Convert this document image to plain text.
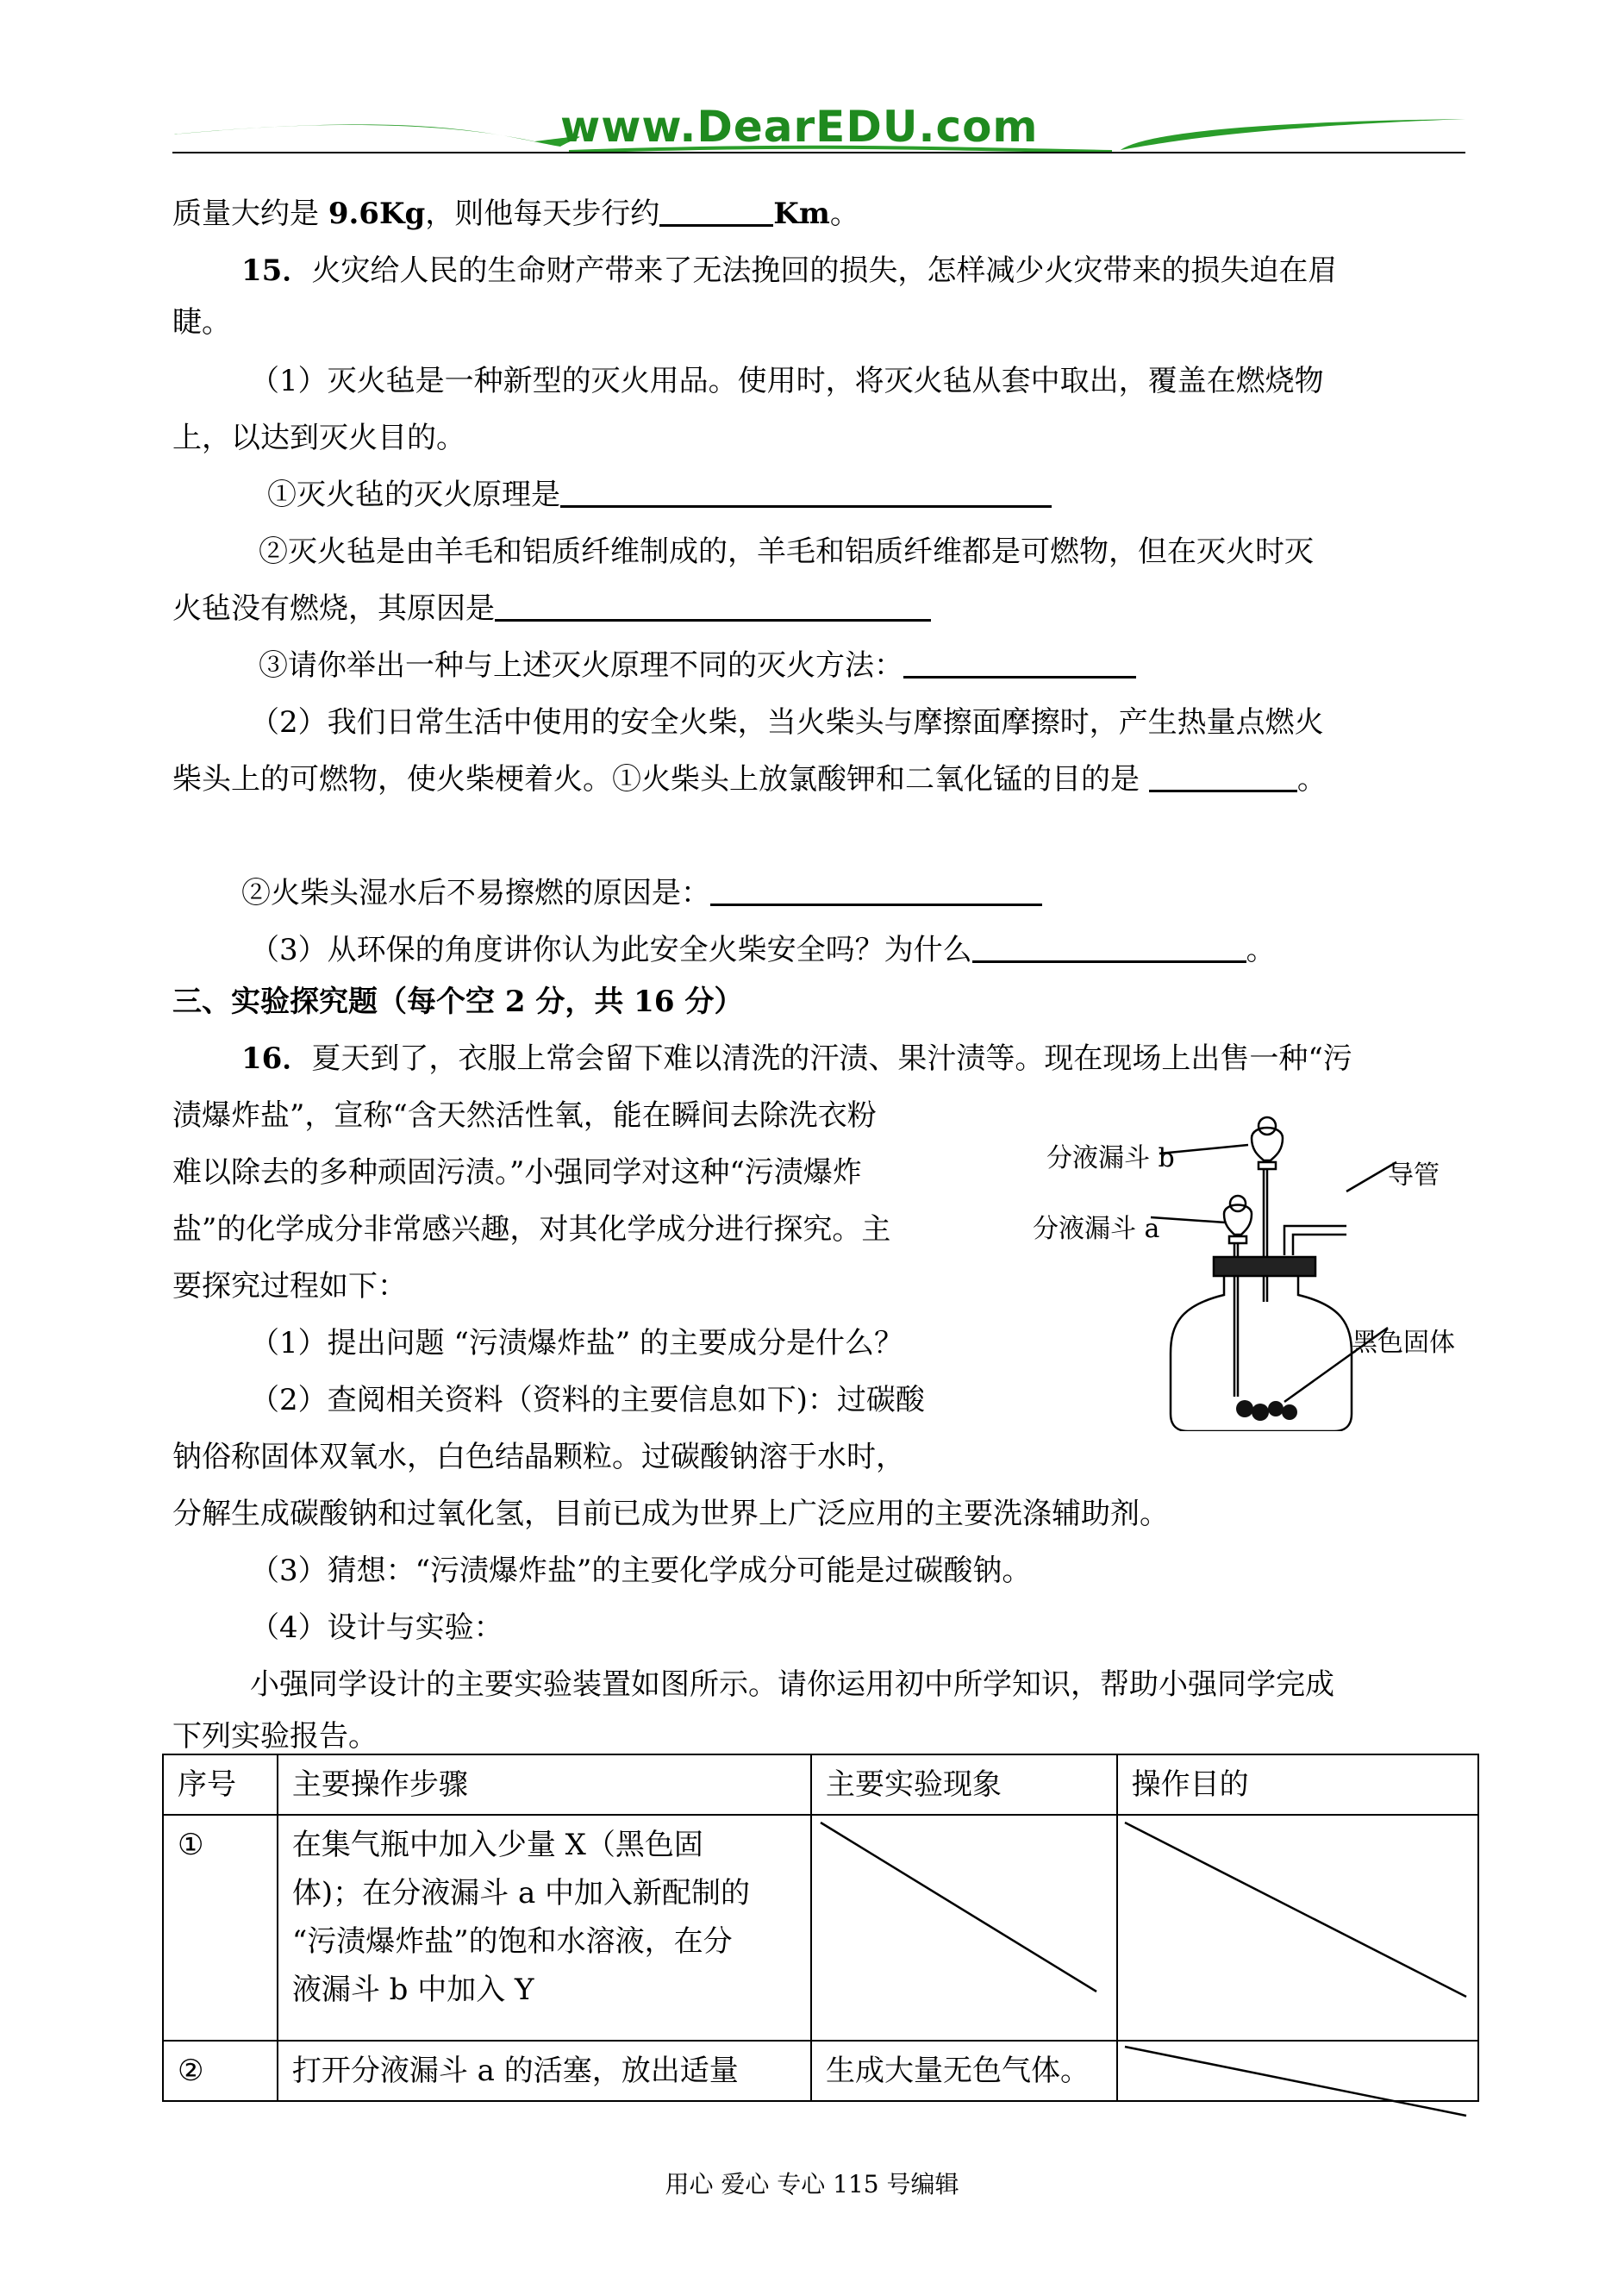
www.DearEDU.com
质量大约是 9.6Kg，则他每天步行约	Km。
15．火灾给人民的生命财产带来了无法挽回的损失，怎样减少火灾带来的损失迫在眉
睫。
（1）灭火毡是一种新型的灭火用品。使用时，将灭火毡从套中取出，覆盖在燃烧物
上，以达到灭火目的。
①灭火毡的灭火原理是
②灭火毡是由羊毛和铝质纤维制成的，羊毛和铝质纤维都是可燃物，但在灭火时灭
火毡没有燃烧，其原因是
③请你举出一种与上述灭火原理不同的灭火方法：
（2）我们日常生活中使用的安全火柴，当火柴头与摩擦面摩擦时，产生热量点燃火
柴头上的可燃物，使火柴梗着火。①火柴头上放氯酸钾和二氧化锰的目的是	。
②火柴头湿水后不易擦燃的原因是：
（3）从环保的角度讲你认为此安全火柴安全吗？为什么	。
三、实验探究题（每个空 2 分，共 16 分）
16．夏天到了，衣服上常会留下难以清洗的汗渍、果汁渍等。现在现场上出售一种“污
渍爆炸盐”，宣称“含天然活性氧，能在瞬间去除洗衣粉
难以除去的多种顽固污渍。”小强同学对这种“污渍爆炸
盐”的化学成分非常感兴趣，对其化学成分进行探究。主
要探究过程如下：
（1）提出问题 “污渍爆炸盐” 的主要成分是什么？
（2）查阅相关资料（资料的主要信息如下)：过碳酸
钠俗称固体双氧水，白色结晶颗粒。过碳酸钠溶于水时，
分解生成碳酸钠和过氧化氢，目前已成为世界上广泛应用的主要洗涤辅助剂。
（3）猜想：“污渍爆炸盐”的主要化学成分可能是过碳酸钠。
（4）设计与实验：
小强同学设计的主要实验装置如图所示。请你运用初中所学知识，帮助小强同学完成
下列实验报告。
分液漏斗 b
分液漏斗 a
导管
黑色固体
序号	主要操作步骤	主要实验现象	操作目的
①	在集气瓶中加入少量 X（黑色固
体)；在分液漏斗 a 中加入新配制的
“污渍爆炸盐”的饱和水溶液，在分
液漏斗 b 中加入 Y

②	打开分液漏斗 a 的活塞，放出适量	生成大量无色气体。	
用心 爱心 专心 115 号编辑
